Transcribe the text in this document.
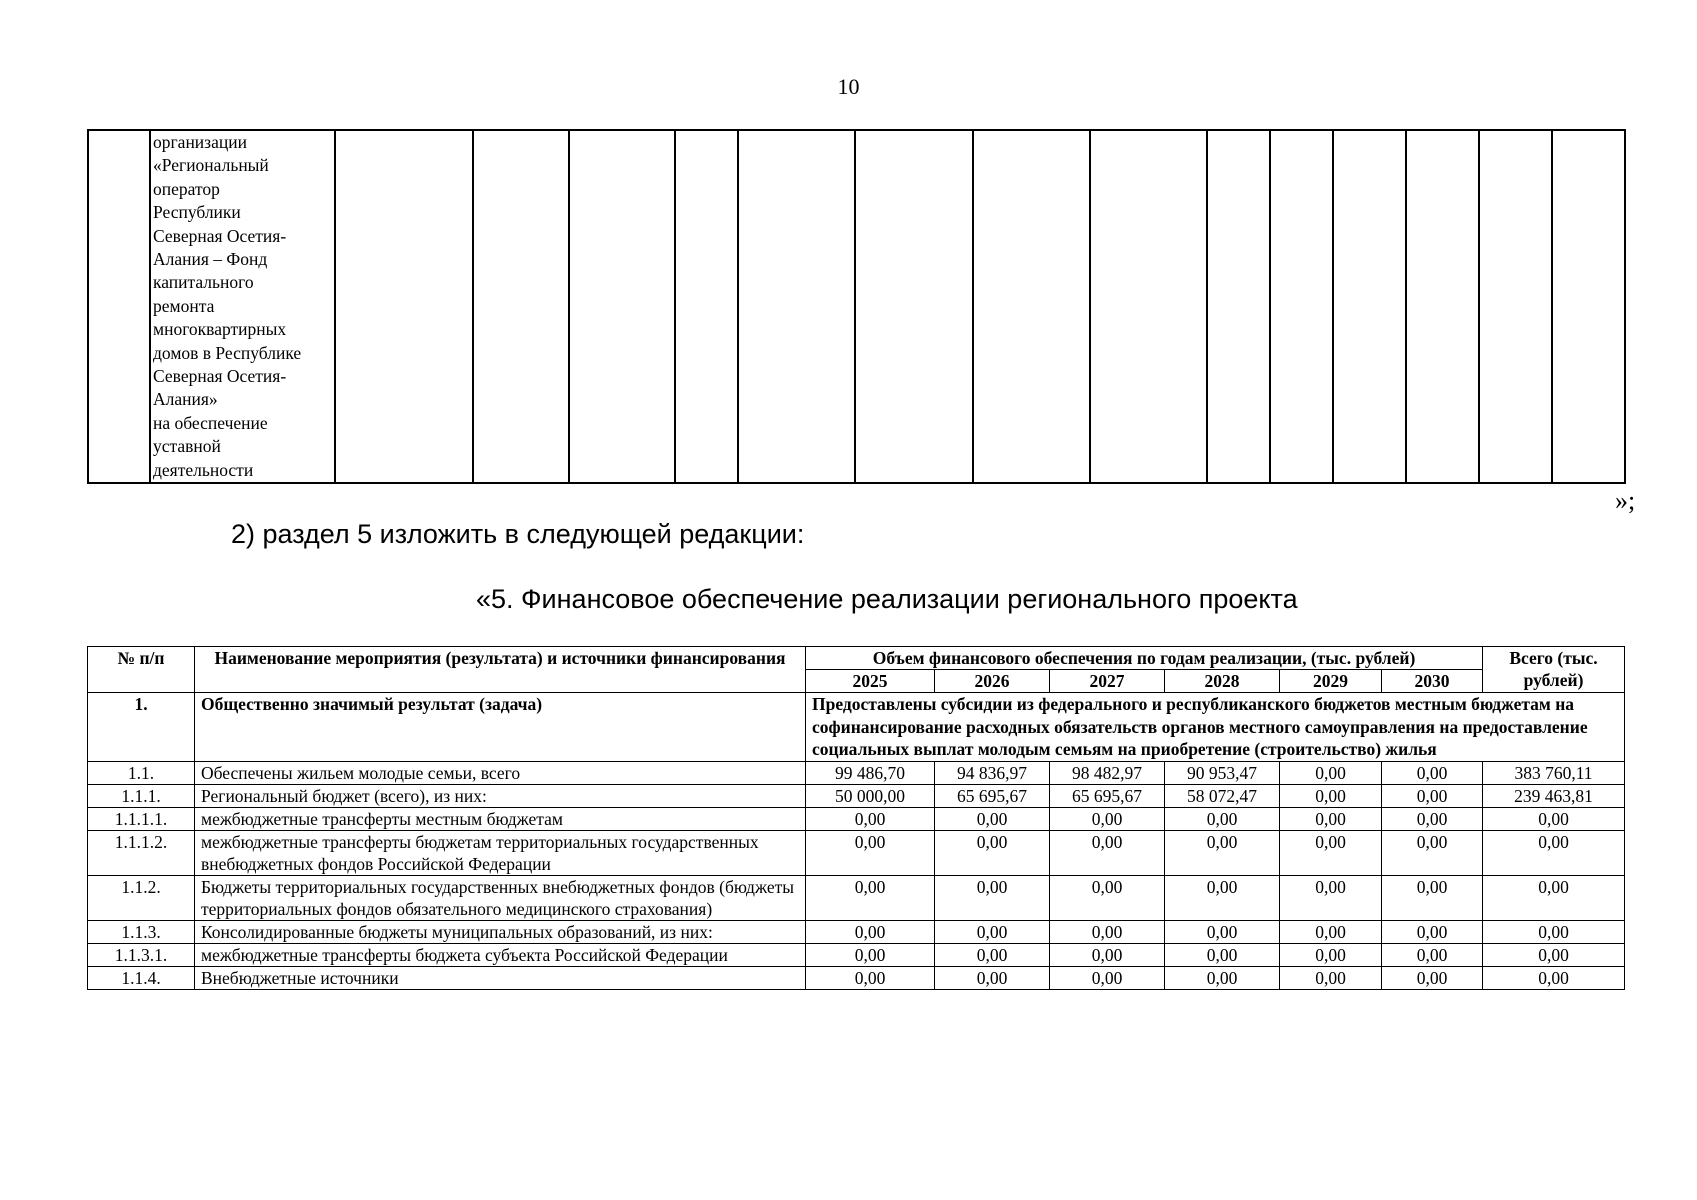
10

организации
«Региональный
оператор
Республики
Северная Осетия-
Алания – Фонд
капитального
ремонта
многоквартирных
домов в Республике
Северная Осетия-
Алания»
на обеспечение
уставной
деятельности

»;
2) раздел 5 изложить в следующей редакции:
«5. Финансовое обеспечение реализации регионального проекта
№ п/п	Наименование мероприятия (результата) и источники финансирования	Объем финансового обеспечения по годам реализации, (тыс. рублей)						Всего (тыс. рублей)
		2025	2026	2027	2028	2029	2030	
1.	Общественно значимый результат (задача)	Предоставлены субсидии из федерального и республиканского бюджетов местным бюджетам на софинансирование расходных обязательств органов местного самоуправления на предоставление социальных выплат молодым семьям на приобретение (строительство) жилья						
1.1.	Обеспечены жильем молодые семьи, всего	99 486,70	94 836,97	98 482,97	90 953,47	0,00	0,00	383 760,11
1.1.1.	Региональный бюджет (всего), из них:	50 000,00	65 695,67	65 695,67	58 072,47	0,00	0,00	239 463,81
1.1.1.1.	межбюджетные трансферты местным бюджетам	0,00	0,00	0,00	0,00	0,00	0,00	0,00
1.1.1.2.	межбюджетные трансферты бюджетам территориальных государственных внебюджетных фондов Российской Федерации	0,00	0,00	0,00	0,00	0,00	0,00	0,00
1.1.2.	Бюджеты территориальных государственных внебюджетных фондов (бюджеты территориальных фондов обязательного медицинского страхования)	0,00	0,00	0,00	0,00	0,00	0,00	0,00
1.1.3.	Консолидированные бюджеты муниципальных образований, из них:	0,00	0,00	0,00	0,00	0,00	0,00	0,00
1.1.3.1.	межбюджетные трансферты бюджета субъекта Российской Федерации	0,00	0,00	0,00	0,00	0,00	0,00	0,00
1.1.4.	Внебюджетные источники	0,00	0,00	0,00	0,00	0,00	0,00	0,00
